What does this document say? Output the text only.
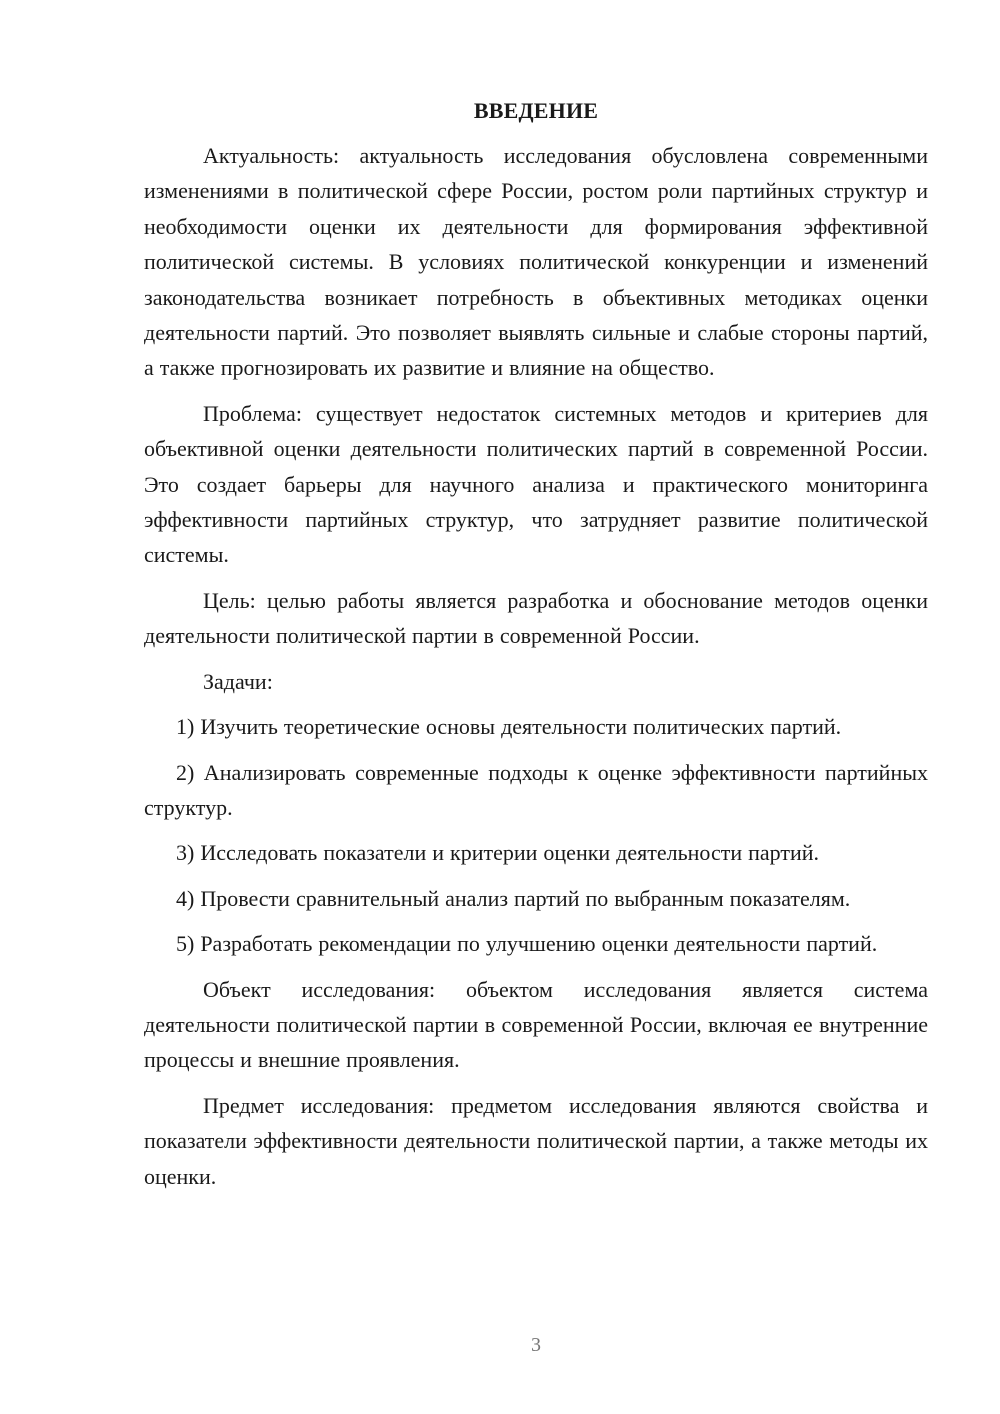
ВВЕДЕНИЕ

Актуальность: актуальность исследования обусловлена современными изменениями в политической сфере России, ростом роли партийных структур и необходимости оценки их деятельности для формирования эффективной политической системы. В условиях политической конкуренции и изменений законодательства возникает потребность в объективных методиках оценки деятельности партий. Это позволяет выявлять сильные и слабые стороны партий, а также прогнозировать их развитие и влияние на общество.

Проблема: существует недостаток системных методов и критериев для объективной оценки деятельности политических партий в современной России. Это создает барьеры для научного анализа и практического мониторинга эффективности партийных структур, что затрудняет развитие политической системы.

Цель: целью работы является разработка и обоснование методов оценки деятельности политической партии в современной России.

Задачи:

1) Изучить теоретические основы деятельности политических партий.

2) Анализировать современные подходы к оценке эффективности партийных структур.

3) Исследовать показатели и критерии оценки деятельности партий.

4) Провести сравнительный анализ партий по выбранным показателям.

5) Разработать рекомендации по улучшению оценки деятельности партий.

Объект исследования: объектом исследования является система деятельности политической партии в современной России, включая ее внутренние процессы и внешние проявления.

Предмет исследования: предметом исследования являются свойства и показатели эффективности деятельности политической партии, а также методы их оценки.

3
